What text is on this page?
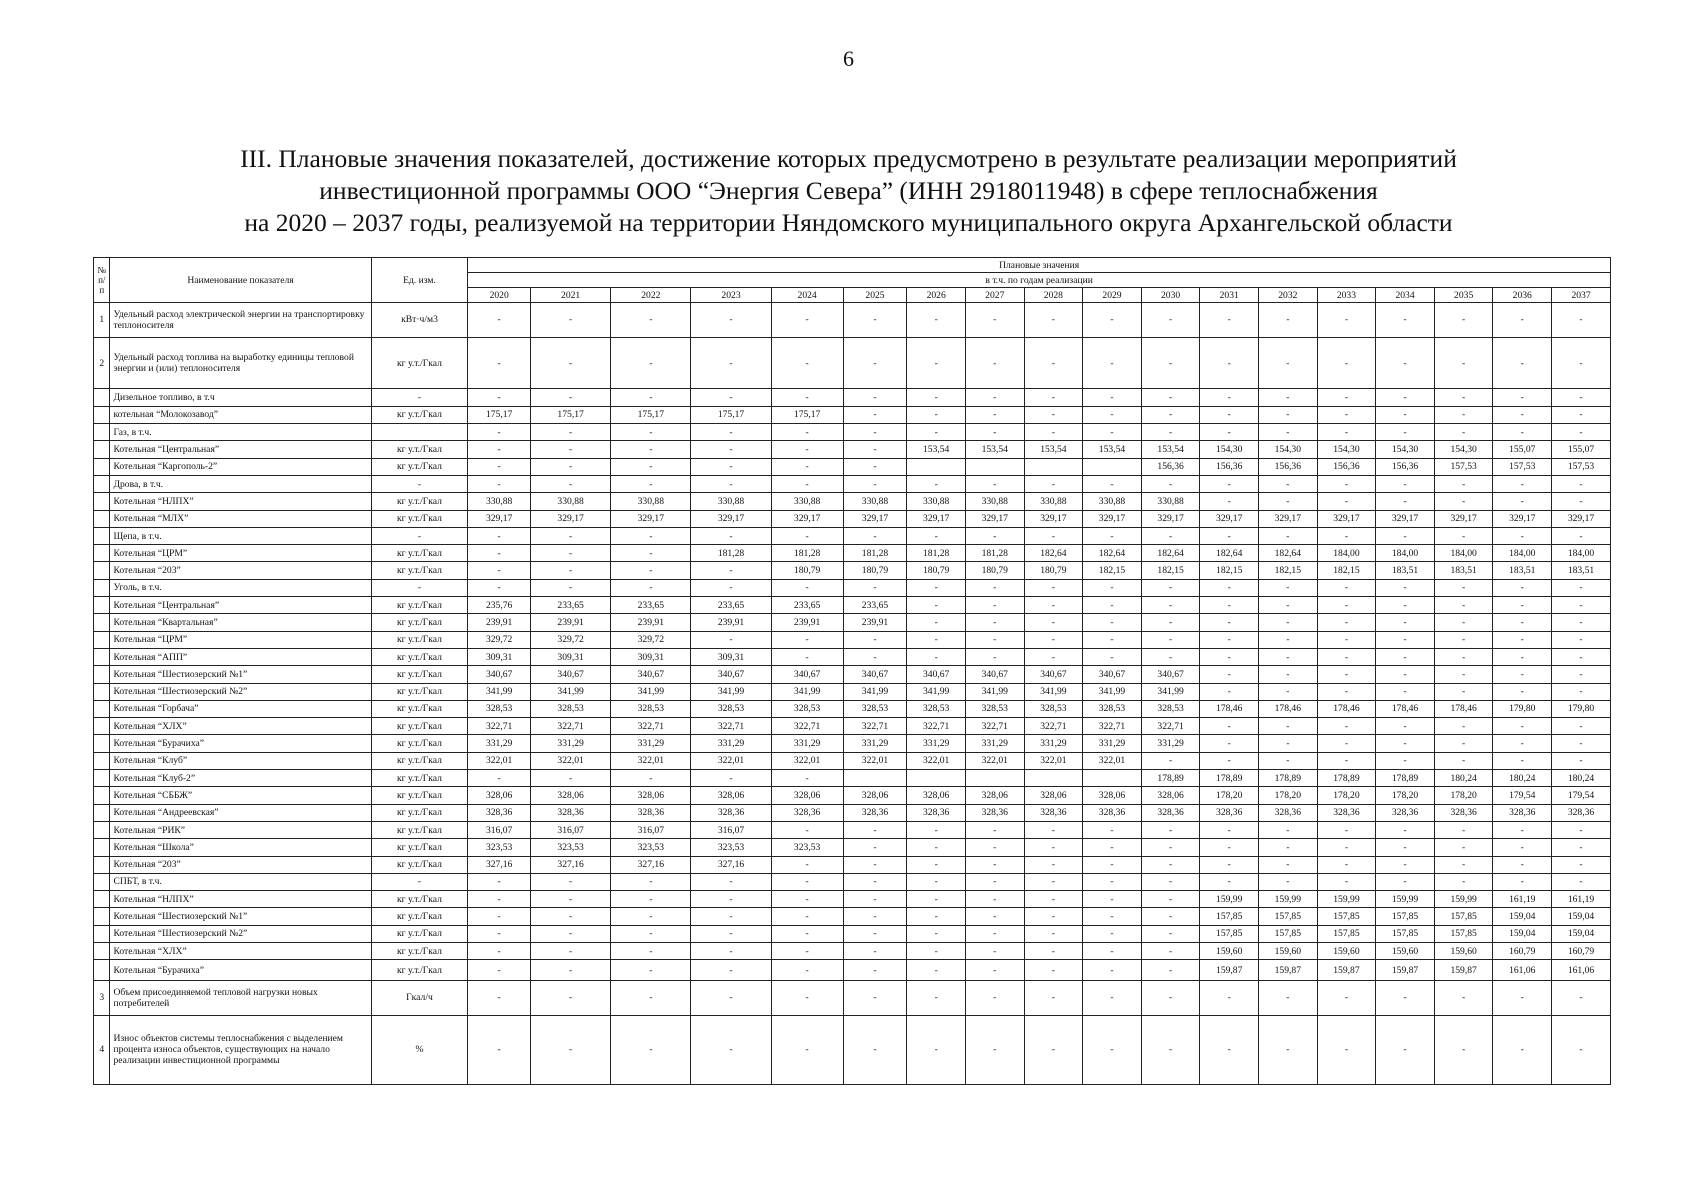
6
III. Плановые значения показателей, достижение которых предусмотрено в результате реализации мероприятий
инвестиционной программы ООО “Энергия Севера” (ИНН 2918011948) в сфере теплоснабжения
на 2020 – 2037 годы, реализуемой на территории Няндомского муниципального округа Архангельской области
№ п/п	Наименование показателя	Ед. изм.	Плановые значения																	
			в т.ч. по годам реализации																	
			2020	2021	2022	2023	2024	2025	2026	2027	2028	2029	2030	2031	2032	2033	2034	2035	2036	2037
1	Удельный расход электрической энергии на транспортировку теплоносителя	кВт·ч/м3	-	-	-	-	-	-	-	-	-	-	-	-	-	-	-	-	-	-
2	Удельный расход топлива на выработку единицы тепловой энергии и (или) теплоносителя	кг у.т./Гкал	-	-	-	-	-	-	-	-	-	-	-	-	-	-	-	-	-	-
	Дизельное топливо, в т.ч	-	-	-	-	-	-	-	-	-	-	-	-	-	-	-	-	-	-	-
	котельная “Молокозавод”	кг у.т./Гкал	175,17	175,17	175,17	175,17	175,17	-	-	-	-	-	-	-	-	-	-	-	-	-
	Газ, в т.ч.		-	-	-	-	-	-	-	-	-	-	-	-	-	-	-	-	-	-
	Котельная “Центральная”	кг у.т./Гкал	-	-	-	-	-	-	153,54	153,54	153,54	153,54	153,54	154,30	154,30	154,30	154,30	154,30	155,07	155,07
	Котельная “Каргополь-2”	кг у.т./Гкал	-	-	-	-	-	-					156,36	156,36	156,36	156,36	156,36	157,53	157,53	157,53
	Дрова, в т.ч.	-	-	-	-	-	-	-	-	-	-	-	-	-	-	-	-	-	-	-
	Котельная “НЛПХ”	кг у.т./Гкал	330,88	330,88	330,88	330,88	330,88	330,88	330,88	330,88	330,88	330,88	330,88	-	-	-	-	-	-	-
	Котельная “МЛХ”	кг у.т./Гкал	329,17	329,17	329,17	329,17	329,17	329,17	329,17	329,17	329,17	329,17	329,17	329,17	329,17	329,17	329,17	329,17	329,17	329,17
	Щепа, в т.ч.	-	-	-	-	-	-	-	-	-	-	-	-	-	-	-	-	-	-	-
	Котельная “ЦРМ”	кг у.т./Гкал	-	-	-	181,28	181,28	181,28	181,28	181,28	182,64	182,64	182,64	182,64	182,64	184,00	184,00	184,00	184,00	184,00
	Котельная “203”	кг у.т./Гкал	-	-	-	-	180,79	180,79	180,79	180,79	180,79	182,15	182,15	182,15	182,15	182,15	183,51	183,51	183,51	183,51
	Уголь, в т.ч.	-	-	-	-	-	-	-	-	-	-	-	-	-	-	-	-	-	-	-
	Котельная “Центральная”	кг у.т./Гкал	235,76	233,65	233,65	233,65	233,65	233,65	-	-	-	-	-	-	-	-	-	-	-	-
	Котельная “Квартальная”	кг у.т./Гкал	239,91	239,91	239,91	239,91	239,91	239,91	-	-	-	-	-	-	-	-	-	-	-	-
	Котельная “ЦРМ”	кг у.т./Гкал	329,72	329,72	329,72	-	-	-	-	-	-	-	-	-	-	-	-	-	-	-
	Котельная “АПП”	кг у.т./Гкал	309,31	309,31	309,31	309,31	-	-	-	-	-	-	-	-	-	-	-	-	-	-
	Котельная “Шестиозерский №1”	кг у.т./Гкал	340,67	340,67	340,67	340,67	340,67	340,67	340,67	340,67	340,67	340,67	340,67	-	-	-	-	-	-	-
	Котельная “Шестиозерский №2”	кг у.т./Гкал	341,99	341,99	341,99	341,99	341,99	341,99	341,99	341,99	341,99	341,99	341,99	-	-	-	-	-	-	-
	Котельная “Горбача”	кг у.т./Гкал	328,53	328,53	328,53	328,53	328,53	328,53	328,53	328,53	328,53	328,53	328,53	178,46	178,46	178,46	178,46	178,46	179,80	179,80
	Котельная “ХЛХ”	кг у.т./Гкал	322,71	322,71	322,71	322,71	322,71	322,71	322,71	322,71	322,71	322,71	322,71	-	-	-	-	-	-	-
	Котельная “Бурачиха”	кг у.т./Гкал	331,29	331,29	331,29	331,29	331,29	331,29	331,29	331,29	331,29	331,29	331,29	-	-	-	-	-	-	-
	Котельная “Клуб”	кг у.т./Гкал	322,01	322,01	322,01	322,01	322,01	322,01	322,01	322,01	322,01	322,01	-	-	-	-	-	-	-	-
	Котельная “Клуб-2”	кг у.т./Гкал	-	-	-	-	-						178,89	178,89	178,89	178,89	178,89	180,24	180,24	180,24
	Котельная “СББЖ”	кг у.т./Гкал	328,06	328,06	328,06	328,06	328,06	328,06	328,06	328,06	328,06	328,06	328,06	178,20	178,20	178,20	178,20	178,20	179,54	179,54
	Котельная “Андреевская”	кг у.т./Гкал	328,36	328,36	328,36	328,36	328,36	328,36	328,36	328,36	328,36	328,36	328,36	328,36	328,36	328,36	328,36	328,36	328,36	328,36
	Котельная “РИК”	кг у.т./Гкал	316,07	316,07	316,07	316,07	-	-	-	-	-	-	-	-	-	-	-	-	-	-
	Котельная “Школа”	кг у.т./Гкал	323,53	323,53	323,53	323,53	323,53	-	-	-	-	-	-	-	-	-	-	-	-	-
	Котельная “203”	кг у.т./Гкал	327,16	327,16	327,16	327,16	-	-	-	-	-	-	-	-	-	-	-	-	-	-
	СПБТ, в т.ч.	-	-	-	-	-	-	-	-	-	-	-	-	-	-	-	-	-	-	-
	Котельная “НЛПХ”	кг у.т./Гкал	-	-	-	-	-	-	-	-	-	-	-	159,99	159,99	159,99	159,99	159,99	161,19	161,19
	Котельная “Шестиозерский №1”	кг у.т./Гкал	-	-	-	-	-	-	-	-	-	-	-	157,85	157,85	157,85	157,85	157,85	159,04	159,04
	Котельная “Шестиозерский №2”	кг у.т./Гкал	-	-	-	-	-	-	-	-	-	-	-	157,85	157,85	157,85	157,85	157,85	159,04	159,04
	Котельная “ХЛХ”	кг у.т./Гкал	-	-	-	-	-	-	-	-	-	-	-	159,60	159,60	159,60	159,60	159,60	160,79	160,79
	Котельная “Бурачиха”	кг у.т./Гкал	-	-	-	-	-	-	-	-	-	-	-	159,87	159,87	159,87	159,87	159,87	161,06	161,06
3	Объем присоединяемой тепловой нагрузки новых потребителей	Гкал/ч	-	-	-	-	-	-	-	-	-	-	-	-	-	-	-	-	-	-
4	Износ объектов системы теплоснабжения с выделением процента износа объектов, существующих на начало реализации инвестиционной программы	%	-	-	-	-	-	-	-	-	-	-	-	-	-	-	-	-	-	-
